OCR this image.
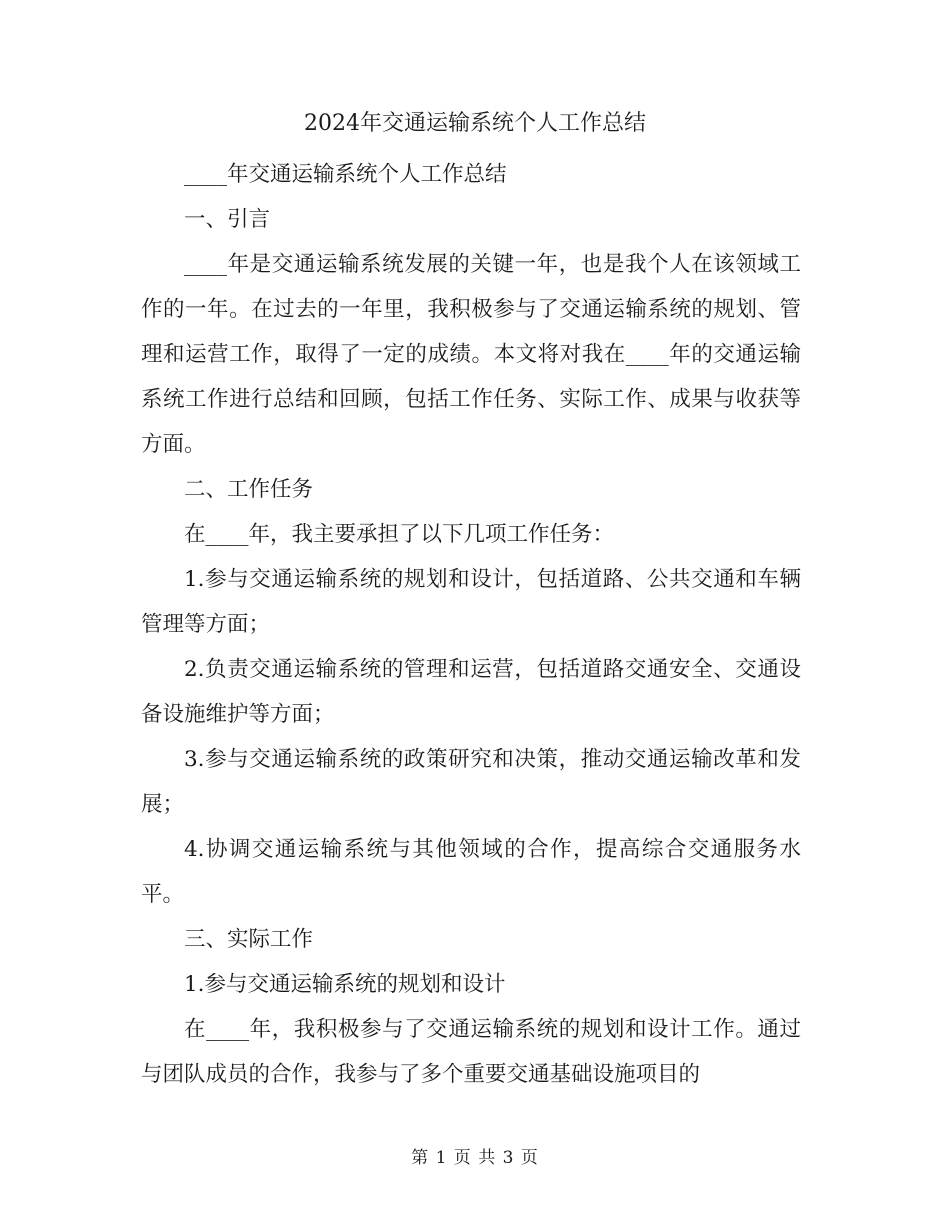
2024年交通运输系统个人工作总结

____年交通运输系统个人工作总结

一、引言

____年是交通运输系统发展的关键一年，也是我个人在该领域工作的一年。在过去的一年里，我积极参与了交通运输系统的规划、管理和运营工作，取得了一定的成绩。本文将对我在____年的交通运输系统工作进行总结和回顾，包括工作任务、实际工作、成果与收获等方面。

二、工作任务

在____年，我主要承担了以下几项工作任务：

1.参与交通运输系统的规划和设计，包括道路、公共交通和车辆管理等方面；

2.负责交通运输系统的管理和运营，包括道路交通安全、交通设备设施维护等方面；

3.参与交通运输系统的政策研究和决策，推动交通运输改革和发展；

4.协调交通运输系统与其他领域的合作，提高综合交通服务水平。

三、实际工作

1.参与交通运输系统的规划和设计

在____年，我积极参与了交通运输系统的规划和设计工作。通过与团队成员的合作，我参与了多个重要交通基础设施项目的

第 1 页 共 3 页
